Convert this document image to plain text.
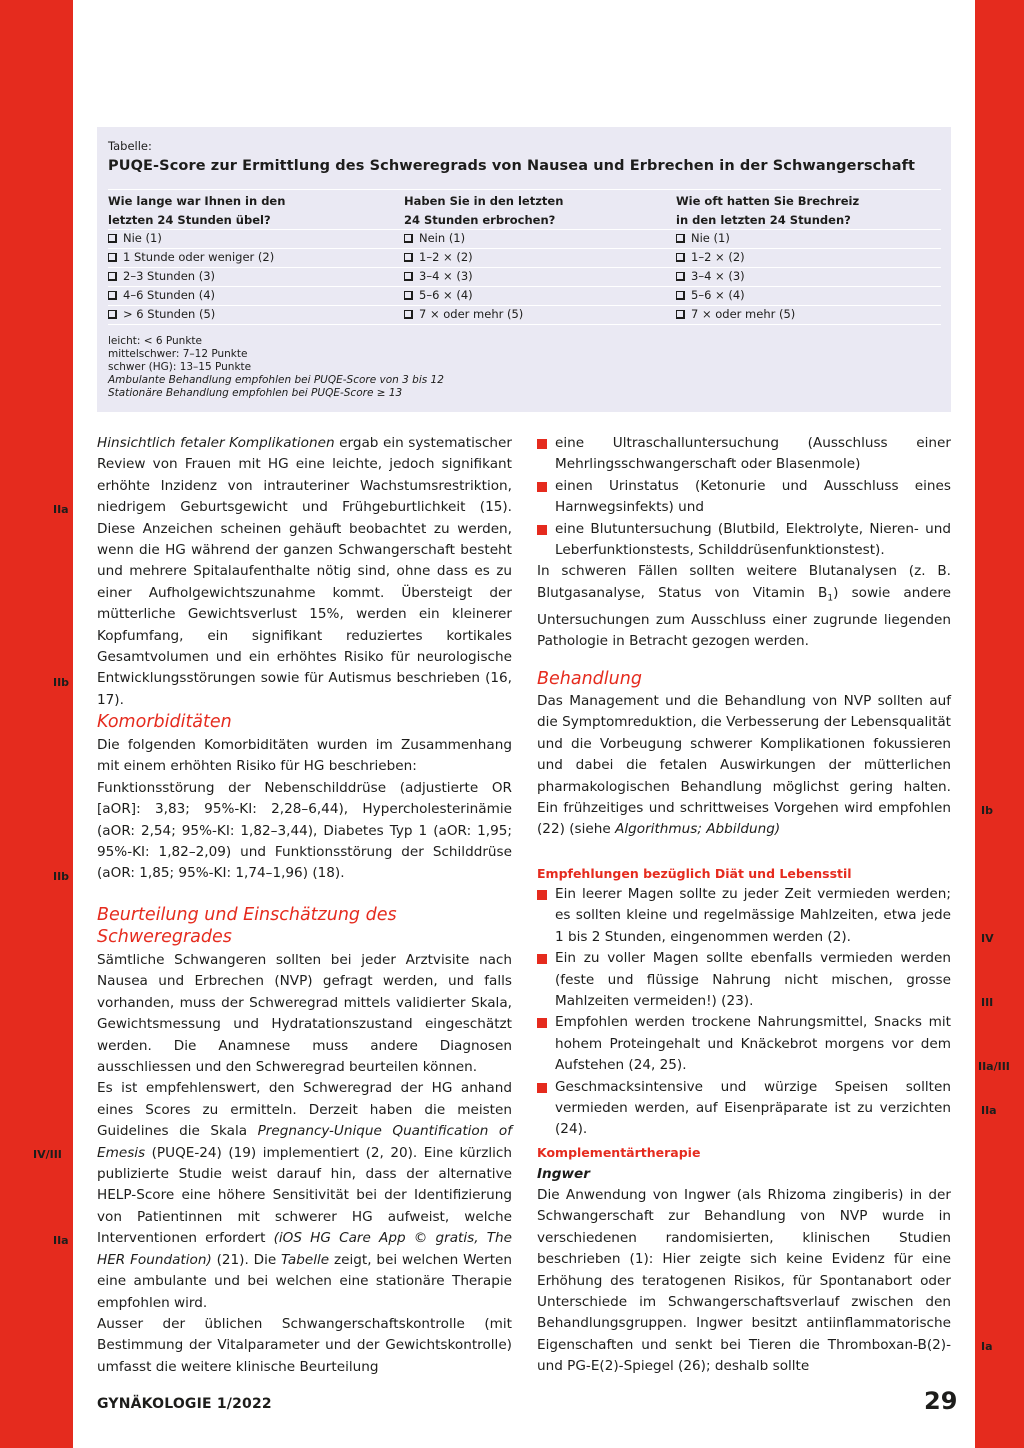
IIa
IIb
IIb
IV/III
IIa
Ib
IV
III
IIa/III
IIa
Ia
Tabelle:
PUQE-Score zur Ermittlung des Schweregrads von Nausea und Erbrechen in der Schwangerschaft
Wie lange war Ihnen in den
letzten 24 Stunden übel?
Haben Sie in den letzten
24 Stunden erbrochen?
Wie oft hatten Sie Brechreiz
in den letzten 24 Stunden?
Nie (1)
1 Stunde oder weniger (2)
2–3 Stunden (3)
4–6 Stunden (4)
> 6 Stunden (5)
Nein (1)
1–2 × (2)
3–4 × (3)
5–6 × (4)
7 × oder mehr (5)
Nie (1)
1–2 × (2)
3–4 × (3)
5–6 × (4)
7 × oder mehr (5)
leicht: < 6 Punkte
mittelschwer: 7–12 Punkte
schwer (HG): 13–15 Punkte
Ambulante Behandlung empfohlen bei PUQE-Score von 3 bis 12
Stationäre Behandlung empfohlen bei PUQE-Score ≥ 13

Hinsichtlich fetaler Komplikationen ergab ein systematischer Review von Frauen mit HG eine leichte, jedoch signifikant erhöhte Inzidenz von intrauteriner Wachstumsrestriktion, niedrigem Geburtsgewicht und Frühgeburtlichkeit (15). Diese Anzeichen scheinen gehäuft beobachtet zu werden, wenn die HG während der ganzen Schwangerschaft besteht und mehrere Spitalaufenthalte nötig sind, ohne dass es zu einer Aufholgewichtszunahme kommt. Übersteigt der mütterliche Gewichtsverlust 15%, werden ein kleinerer Kopfumfang, ein signifikant reduziertes kortikales Gesamtvolumen und ein erhöhtes Risiko für neurologische Entwicklungsstörungen sowie für Autismus beschrieben (16, 17).

Komorbiditäten

Die folgenden Komorbiditäten wurden im Zusammenhang mit einem erhöhten Risiko für HG beschrieben:

Funktionsstörung der Nebenschilddrüse (adjustierte OR [aOR]: 3,83; 95%-KI: 2,28–6,44), Hypercholesterinämie (aOR: 2,54; 95%-KI: 1,82–3,44), Diabetes Typ 1 (aOR: 1,95; 95%-KI: 1,82–2,09) und Funktionsstörung der Schilddrüse (aOR: 1,85; 95%-KI: 1,74–1,96) (18).

Beurteilung und Einschätzung des
Schweregrades

Sämtliche Schwangeren sollten bei jeder Arztvisite nach Nausea und Erbrechen (NVP) gefragt werden, und falls vorhanden, muss der Schweregrad mittels validierter Skala, Gewichtsmessung und Hydratationszustand eingeschätzt werden. Die Anamnese muss andere Diagnosen ausschliessen und den Schweregrad beurteilen können.

Es ist empfehlenswert, den Schweregrad der HG anhand eines Scores zu ermitteln. Derzeit haben die meisten Guidelines die Skala Pregnancy-Unique Quantification of Emesis (PUQE-24) (19) implementiert (2, 20). Eine kürzlich publizierte Studie weist darauf hin, dass der alternative HELP-Score eine höhere Sensitivität bei der Identifizierung von Patientinnen mit schwerer HG aufweist, welche Interventionen erfordert (iOS HG Care App © gratis, The HER Foundation) (21). Die Tabelle zeigt, bei welchen Werten eine ambulante und bei welchen eine stationäre Therapie empfohlen wird.

Ausser der üblichen Schwangerschaftskontrolle (mit Bestimmung der Vitalparameter und der Gewichtskontrolle) umfasst die weitere klinische Beurteilung

eine Ultraschalluntersuchung (Ausschluss einer Mehrlingsschwangerschaft oder Blasenmole)
einen Urinstatus (Ketonurie und Ausschluss eines Harnwegsinfekts) und
eine Blutuntersuchung (Blutbild, Elektrolyte, Nieren- und Leberfunktionstests, Schilddrüsenfunktionstest).

In schweren Fällen sollten weitere Blutanalysen (z. B. Blutgasanalyse, Status von Vitamin $B_1$) sowie andere Untersuchungen zum Ausschluss einer zugrunde liegenden Pathologie in Betracht gezogen werden.

Behandlung

Das Management und die Behandlung von NVP sollten auf die Symptomreduktion, die Verbesserung der Lebensqualität und die Vorbeugung schwerer Komplikationen fokussieren und dabei die fetalen Auswirkungen der mütterlichen pharmakologischen Behandlung möglichst gering halten. Ein frühzeitiges und schrittweises Vorgehen wird empfohlen (22) (siehe Algorithmus; Abbildung)

Empfehlungen bezüglich Diät und Lebensstil
Ein leerer Magen sollte zu jeder Zeit vermieden werden; es sollten kleine und regelmässige Mahlzeiten, etwa jede 1 bis 2 Stunden, eingenommen werden (2).
Ein zu voller Magen sollte ebenfalls vermieden werden (feste und flüssige Nahrung nicht mischen, grosse Mahlzeiten vermeiden!) (23).
Empfohlen werden trockene Nahrungsmittel, Snacks mit hohem Proteingehalt und Knäckebrot morgens vor dem Aufstehen (24, 25).
Geschmacksintensive und würzige Speisen sollten vermieden werden, auf Eisenpräparate ist zu verzichten (24).
Komplementärtherapie
Ingwer

Die Anwendung von Ingwer (als Rhizoma zingiberis) in der Schwangerschaft zur Behandlung von NVP wurde in verschiedenen randomisierten, klinischen Studien beschrieben (1): Hier zeigte sich keine Evidenz für eine Erhöhung des teratogenen Risikos, für Spontanabort oder Unterschiede im Schwangerschaftsverlauf zwischen den Behandlungsgruppen. Ingwer besitzt antiinflammatorische Eigenschaften und senkt bei Tieren die Thromboxan-B(2)- und PG-E(2)-Spiegel (26); deshalb sollte

GYNÄKOLOGIE 1/2022	29
